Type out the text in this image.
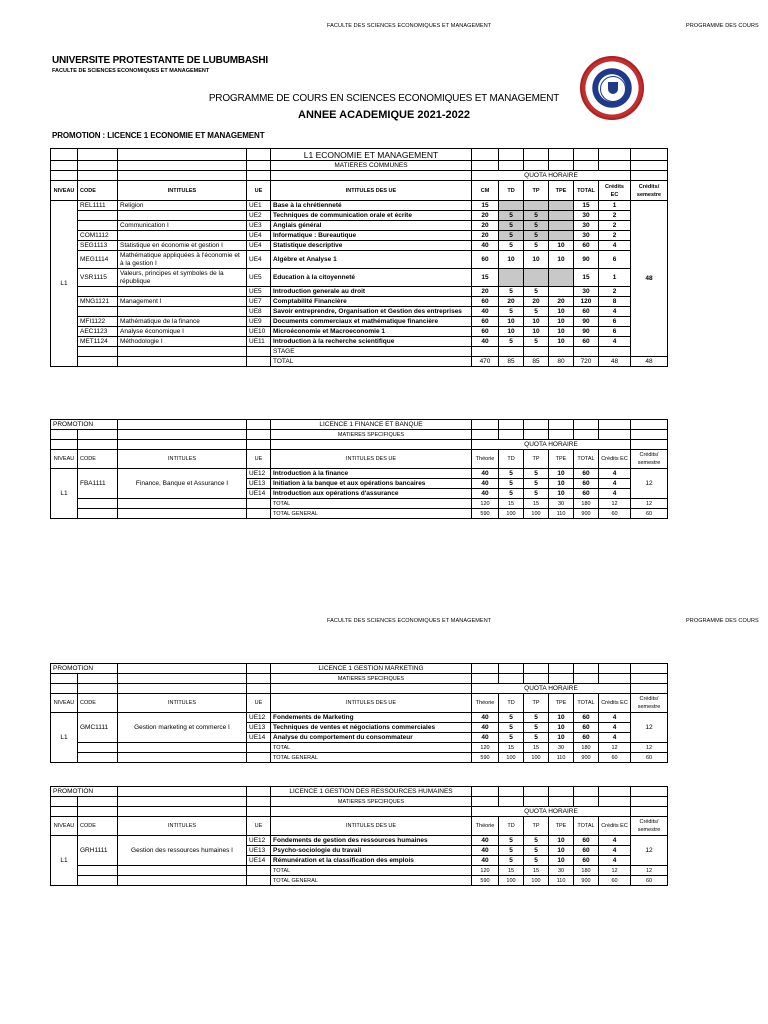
FACULTE DES SCIENCES ECONOMIQUES ET MANAGEMENT	PROGRAMME DES COURS
UNIVERSITE PROTESTANTE DE LUBUMBASHI
FACULTE DE SCIENCES ECONOMIQUES ET MANAGEMENT
PROGRAMME DE COURS EN SCIENCES ECONOMIQUES ET MANAGEMENT
ANNEE ACADEMIQUE 2021-2022
PROMOTION : LICENCE 1 ECONOMIE ET MANAGEMENT
				L1 ECONOMIE ET MANAGEMENT							
				MATIERES COMMUNES							
					QUOTA HORAIRE						
NIVEAU	CODE	INTITULES	UE	INTITULES DES UE	CM	TD	TP	TPE	TOTAL	Crédits EC	Crédits/ semestre
L1	REL1111	Religion	UE1	Base à la chrétienneté	15				15	1	48
			UE2	Techniques de communication orale et écrite	20	5	5		30	2	
		Communication I	UE3	Anglais général	20	5	5		30	2	
	COM1112		UE4	Informatique : Bureautique	20	5	5		30	2	
	SEG1113	Statistique en économie et gestion I	UE4	Statistique descriptive	40	5	5	10	60	4	
	MEG1114	Mathématique appliquées à l'économie et à la gestion I	UE4	Algèbre et Analyse 1	60	10	10	10	90	6	
	VSR1115	Valeurs, principes et symboles de la république	UE5	Education à la citoyenneté	15				15	1	
			UE5	Introduction generale au droit	20	5	5		30	2	
	MNG1121	Management I	UE7	Comptabilité Financière	60	20	20	20	120	8	
			UE8	Savoir entreprendre, Organisation et Gestion des entreprises	40	5	5	10	60	4	
	MFI1122	Mathématique de la finance	UE9	Documents commerciaux et mathématique financière	60	10	10	10	90	6	
	AEC1123	Analyse économique I	UE10	Microéconomie et Macroeconomie 1	60	10	10	10	90	6	
	MET1124	Méthodologie I	UE11	Introduction à la recherche scientifique	40	5	5	10	60	4	
				STAGE							
				TOTAL	470	85	85	80	720	48	48
PROMOTION				LICENCE 1 FINANCE ET BANQUE							
				MATIERES SPECIFIQUES							
					QUOTA HORAIRE						
NIVEAU	CODE	INTITULES	UE	INTITULES DES UE	Théorie	TD	TP	TPE	TOTAL	Crédits EC	Crédits/ semestre
L1	FBA1111	Finance, Banque et Assurance I	UE12	Introduction à la finance	40	5	5	10	60	4	12
			UE13	Initiation à la banque et aux opérations bancaires	40	5	5	10	60	4	
			UE14	Introduction aux opérations d'assurance	40	5	5	10	60	4	
				TOTAL	120	15	15	30	180	12	12
				TOTAL GENERAL	590	100	100	110	900	60	60
PROMOTION				LICENCE 1 GESTION MARKETING							
				MATIERES SPECIFIQUES							
					QUOTA HORAIRE						
NIVEAU	CODE	INTITULES	UE	INTITULES DES UE	Théorie	TD	TP	TPE	TOTAL	Crédits EC	Crédits/ semestre
L1	GMC1111	Gestion marketing et commerce I	UE12	Fondements de Marketing	40	5	5	10	60	4	12
			UE13	Techniques de ventes et négociations commerciales	40	5	5	10	60	4	
			UE14	Analyse du comportement du consommateur	40	5	5	10	60	4	
				TOTAL	120	15	15	30	180	12	12
				TOTAL GENERAL	590	100	100	110	900	60	60
PROMOTION				LICENCE 1 GESTION DES RESSOURCES HUMAINES							
				MATIERES SPECIFIQUES							
					QUOTA HORAIRE						
NIVEAU	CODE	INTITULES	UE	INTITULES DES UE	Théorie	TD	TP	TPE	TOTAL	Crédits EC	Crédits/ semestre
L1	GRH1111	Gestion des ressources humaines I	UE12	Fondements de gestion des ressources humaines	40	5	5	10	60	4	12
			UE13	Psycho-sociologie du travail	40	5	5	10	60	4	
			UE14	Rémunération et la classification des emplois	40	5	5	10	60	4	
				TOTAL	120	15	15	30	180	12	12
				TOTAL GENERAL	590	100	100	110	900	60	60
FACULTE DES SCIENCES ECONOMIQUES ET MANAGEMENT	PROGRAMME DES COURS
